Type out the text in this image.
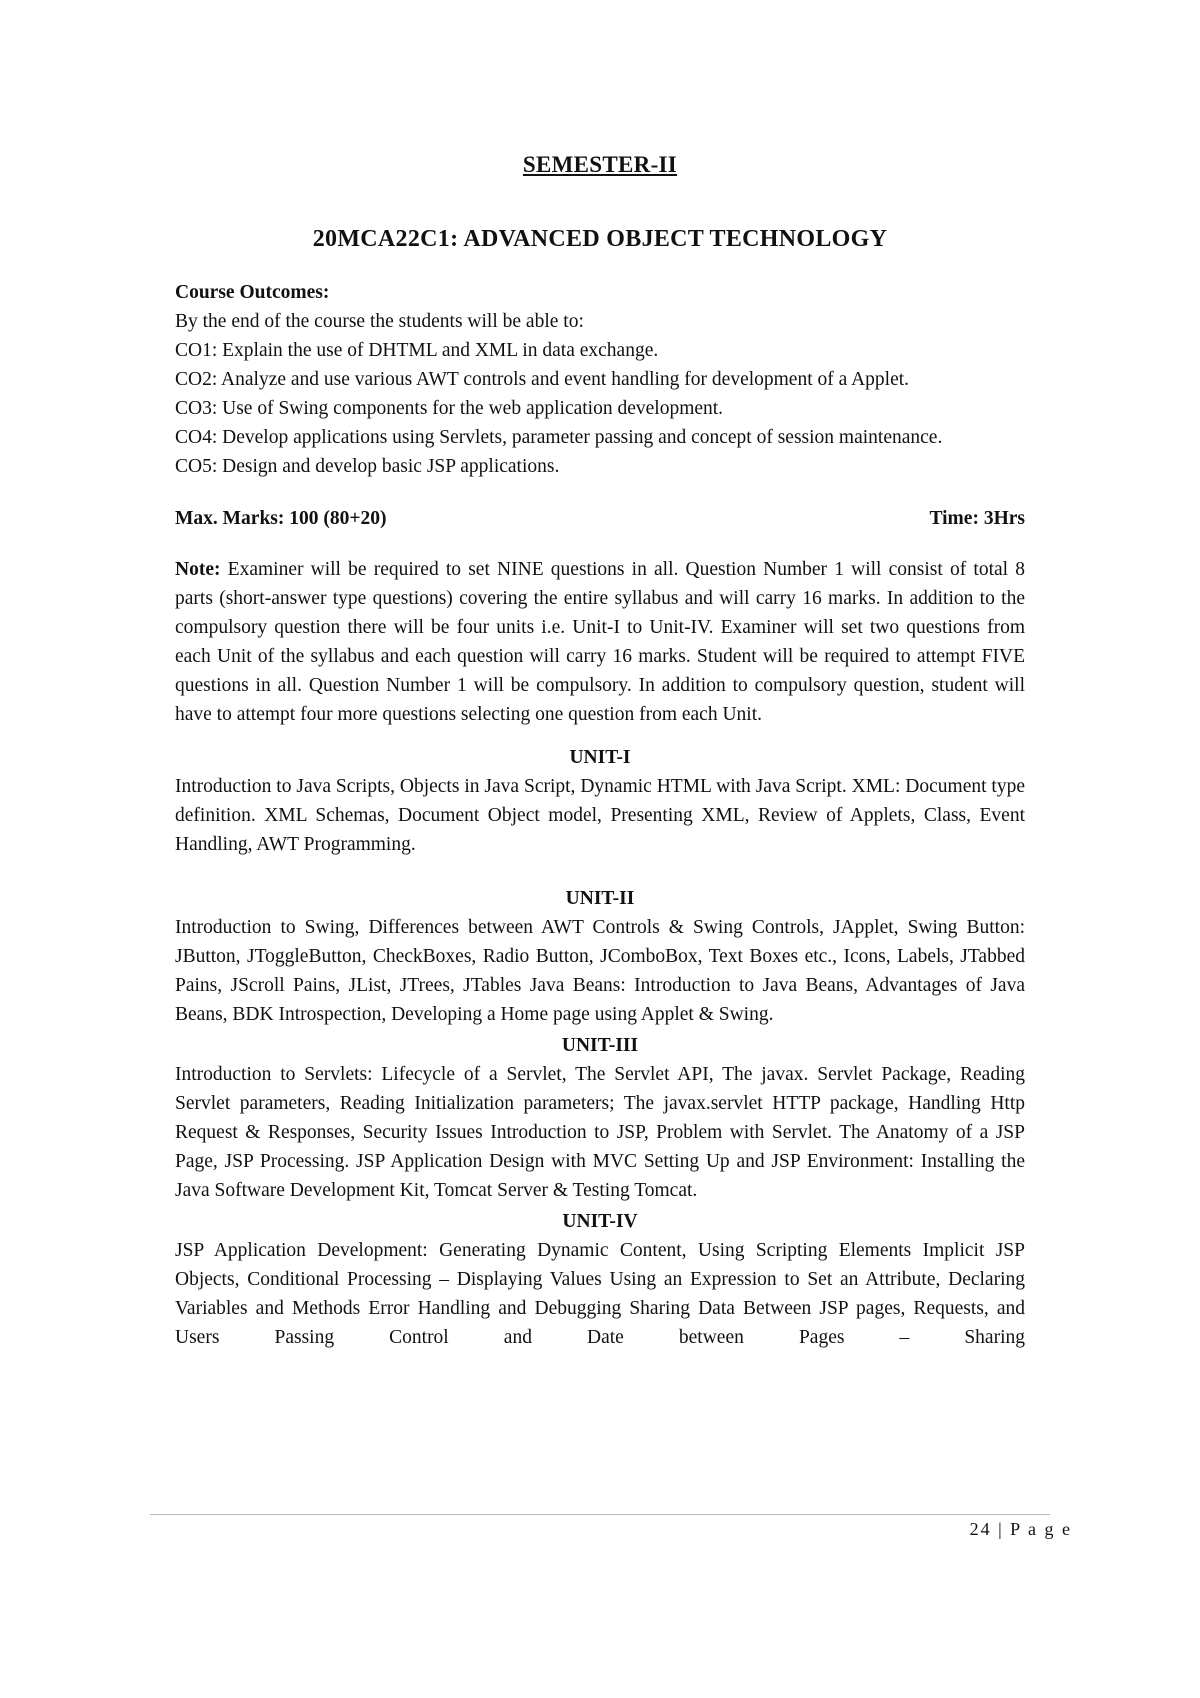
SEMESTER-II

20MCA22C1: ADVANCED OBJECT TECHNOLOGY

Course Outcomes:

By the end of the course the students will be able to:

CO1: Explain the use of DHTML and XML in data exchange.

CO2: Analyze and use various AWT controls and event handling for development of a Applet.

CO3: Use of Swing components for the web application development.

CO4: Develop applications using Servlets, parameter passing and concept of session maintenance.

CO5: Design and develop basic JSP applications.

Max. Marks: 100 (80+20)	Time: 3Hrs

Note: Examiner will be required to set NINE questions in all. Question Number 1 will consist of total 8 parts (short-answer type questions) covering the entire syllabus and will carry 16 marks. In addition to the compulsory question there will be four units i.e. Unit-I to Unit-IV. Examiner will set two questions from each Unit of the syllabus and each question will carry 16 marks. Student will be required to attempt FIVE questions in all. Question Number 1 will be compulsory. In addition to compulsory question, student will have to attempt four more questions selecting one question from each Unit.

UNIT-I

Introduction to Java Scripts, Objects in Java Script, Dynamic HTML with Java Script. XML: Document type definition. XML Schemas, Document Object model, Presenting XML, Review of Applets, Class, Event Handling, AWT Programming.

UNIT-II

Introduction to Swing, Differences between AWT Controls & Swing Controls, JApplet, Swing Button: JButton, JToggleButton, CheckBoxes, Radio Button, JComboBox, Text Boxes etc., Icons, Labels, JTabbed Pains, JScroll Pains, JList, JTrees, JTables Java Beans: Introduction to Java Beans, Advantages of Java Beans, BDK Introspection, Developing a Home page using Applet & Swing.

UNIT-III

Introduction to Servlets: Lifecycle of a Servlet, The Servlet API, The javax. Servlet Package, Reading Servlet parameters, Reading Initialization parameters; The javax.servlet HTTP package, Handling Http Request & Responses, Security Issues Introduction to JSP, Problem with Servlet. The Anatomy of a JSP Page, JSP Processing. JSP Application Design with MVC Setting Up and JSP Environment: Installing the Java Software Development Kit, Tomcat Server & Testing Tomcat.

UNIT-IV

JSP Application Development: Generating Dynamic Content, Using Scripting Elements Implicit JSP Objects, Conditional Processing – Displaying Values Using an Expression to Set an Attribute, Declaring Variables and Methods Error Handling and Debugging Sharing Data Between JSP pages, Requests, and Users Passing Control and Date between Pages – Sharing

24 | P a g e
